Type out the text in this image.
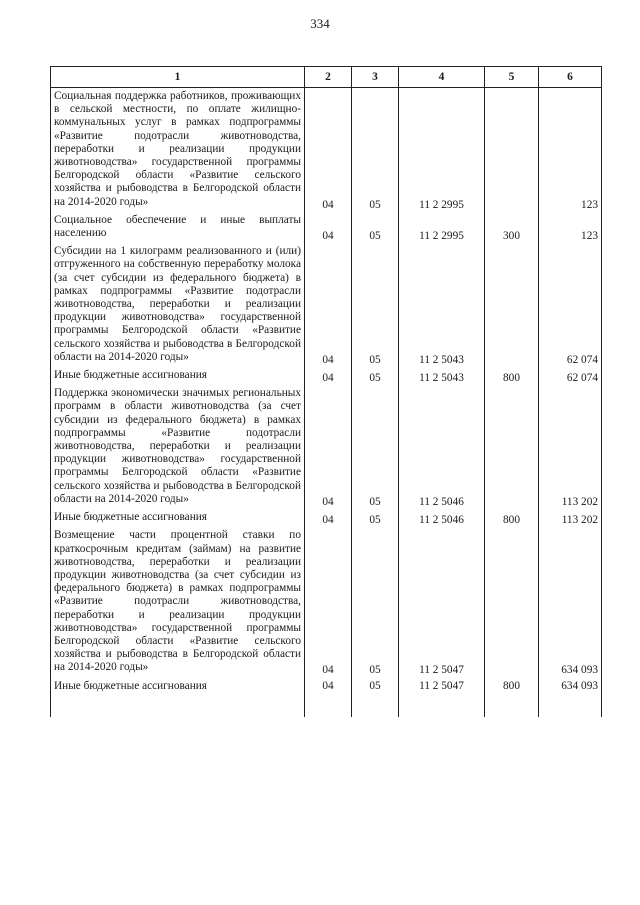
334
1	2	3	4	5	6
Социальная поддержка работников, проживающих в сельской местности, по оплате жилищно-коммунальных услуг в рамках подпрограммы «Развитие подотрасли животноводства, переработки и реализации продукции животноводства» государственной программы Белгородской области «Развитие сельского хозяйства и рыбоводства в Белгородской области на 2014-2020 годы»	04	05	11 2 2995		123
Социальное обеспечение и иные выплаты населению	04	05	11 2 2995	300	123
Субсидии на 1 килограмм реализованного и (или) отгруженного на собственную переработку молока (за счет субсидии из федерального бюджета) в рамках подпрограммы «Развитие подотрасли животноводства, переработки и реализации продукции животноводства» государственной программы Белгородской области «Развитие сельского хозяйства и рыбоводства в Белгородской области на 2014-2020 годы»	04	05	11 2 5043		62 074
Иные бюджетные ассигнования	04	05	11 2 5043	800	62 074
Поддержка экономически значимых региональных программ в области животноводства (за счет субсидии из федерального бюджета) в рамках подпрограммы «Развитие подотрасли животноводства, переработки и реализации продукции животноводства» государственной программы Белгородской области «Развитие сельского хозяйства и рыбоводства в Белгородской области на 2014-2020 годы»	04	05	11 2 5046		113 202
Иные бюджетные ассигнования	04	05	11 2 5046	800	113 202
Возмещение части процентной ставки по краткосрочным кредитам (займам) на развитие животноводства, переработки и реализации продукции животноводства (за счет субсидии из федерального бюджета) в рамках подпрограммы «Развитие подотрасли животноводства, переработки и реализации продукции животноводства» государственной программы Белгородской области «Развитие сельского хозяйства и рыбоводства в Белгородской области на 2014-2020 годы»	04	05	11 2 5047		634 093
Иные бюджетные ассигнования	04	05	11 2 5047	800	634 093
